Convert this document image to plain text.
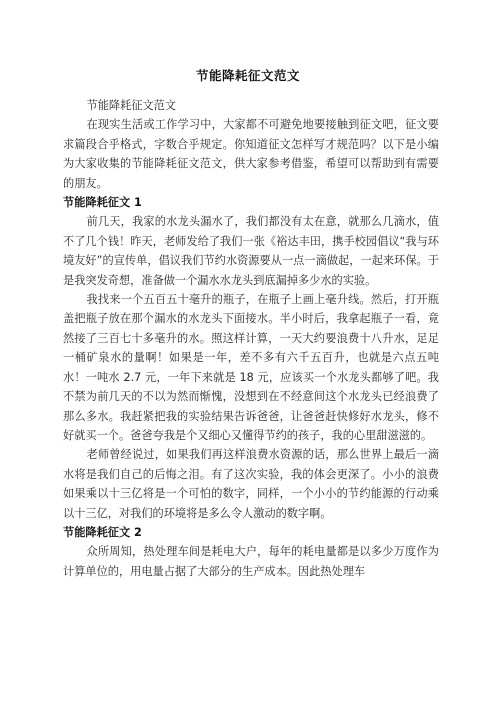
节能降耗征文范文

节能降耗征文范文

在现实生活或工作学习中，大家都不可避免地要接触到征文吧，征文要求篇段合乎格式，字数合乎规定。你知道征文怎样写才规范吗？以下是小编为大家收集的节能降耗征文范文，供大家参考借鉴，希望可以帮助到有需要的朋友。

节能降耗征文 1

前几天，我家的水龙头漏水了，我们都没有太在意，就那么几滴水，值不了几个钱！昨天，老师发给了我们一张《裕达丰田，携手校园倡议“我与环境友好”的宣传单，倡议我们节约水资源要从一点一滴做起，一起来环保。于是我突发奇想，准备做一个漏水水龙头到底漏掉多少水的实验。

我找来一个五百五十毫升的瓶子，在瓶子上画上毫升线。然后，打开瓶盖把瓶子放在那个漏水的水龙头下面接水。半小时后，我拿起瓶子一看，竟然接了三百七十多毫升的水。照这样计算，一天大约要浪费十八升水，足足一桶矿泉水的量啊！如果是一年，差不多有六千五百升，也就是六点五吨水！一吨水 2.7 元，一年下来就是 18 元，应该买一个水龙头都够了吧。我不禁为前几天的不以为然而惭愧，没想到在不经意间这个水龙头已经浪费了那么多水。我赶紧把我的实验结果告诉爸爸，让爸爸赶快修好水龙头，修不好就买一个。爸爸夸我是个又细心又懂得节约的孩子，我的心里甜滋滋的。

老师曾经说过，如果我们再这样浪费水资源的话，那么世界上最后一滴水将是我们自己的后悔之泪。有了这次实验，我的体会更深了。小小的浪费如果乘以十三亿将是一个可怕的数字，同样，一个小小的节约能源的行动乘以十三亿，对我们的环境将是多么令人激动的数字啊。

节能降耗征文 2

众所周知，热处理车间是耗电大户，每年的耗电量都是以多少万度作为计算单位的，用电量占据了大部分的生产成本。因此热处理车
